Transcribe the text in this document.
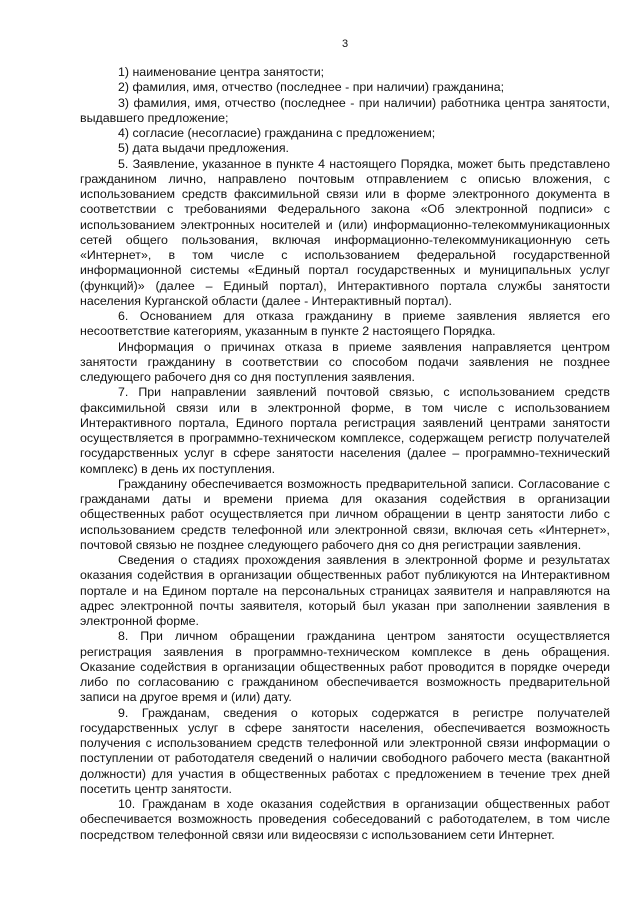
3

1) наименование центра занятости;

2) фамилия, имя, отчество (последнее - при наличии) гражданина;

3) фамилия, имя, отчество (последнее - при наличии) работника центра занятости, выдавшего предложение;

4) согласие (несогласие) гражданина с предложением;

5) дата выдачи предложения.

5. Заявление, указанное в пункте 4 настоящего Порядка, может быть представлено гражданином лично, направлено почтовым отправлением с описью вложения, с использованием средств факсимильной связи или в форме электронного документа в соответствии с требованиями Федерального закона «Об электронной подписи» с использованием электронных носителей и (или) информационно-телекоммуникационных сетей общего пользования, включая информационно-телекоммуникационную сеть «Интернет», в том числе с использованием федеральной государственной информационной системы «Единый портал государственных и муниципальных услуг (функций)» (далее – Единый портал), Интерактивного портала службы занятости населения Курганской области (далее - Интерактивный портал).

6. Основанием для отказа гражданину в приеме заявления является его несоответствие категориям, указанным в пункте 2 настоящего Порядка.

Информация о причинах отказа в приеме заявления направляется центром занятости гражданину в соответствии со способом подачи заявления не позднее следующего рабочего дня со дня поступления заявления.

7. При направлении заявлений почтовой связью, с использованием средств факсимильной связи или в электронной форме, в том числе с использованием Интерактивного портала, Единого портала регистрация заявлений центрами занятости осуществляется в программно-техническом комплексе, содержащем регистр получателей государственных услуг в сфере занятости населения (далее – программно-технический комплекс) в день их поступления.

Гражданину обеспечивается возможность предварительной записи. Согласование с гражданами даты и времени приема для оказания содействия в организации общественных работ осуществляется при личном обращении в центр занятости либо с использованием средств телефонной или электронной связи, включая сеть «Интернет», почтовой связью не позднее следующего рабочего дня со дня регистрации заявления.

Сведения о стадиях прохождения заявления в электронной форме и результатах оказания содействия в организации общественных работ публикуются на Интерактивном портале и на Едином портале на персональных страницах заявителя и направляются на адрес электронной почты заявителя, который был указан при заполнении заявления в электронной форме.

8. При личном обращении гражданина центром занятости осуществляется регистрация заявления в программно-техническом комплексе в день обращения. Оказание содействия в организации общественных работ проводится в порядке очереди либо по согласованию с гражданином обеспечивается возможность предварительной записи на другое время и (или) дату.

9. Гражданам, сведения о которых содержатся в регистре получателей государственных услуг в сфере занятости населения, обеспечивается возможность получения с использованием средств телефонной или электронной связи информации о поступлении от работодателя сведений о наличии свободного рабочего места (вакантной должности) для участия в общественных работах с предложением в течение трех дней посетить центр занятости.

10. Гражданам в ходе оказания содействия в организации общественных работ обеспечивается возможность проведения собеседований с работодателем, в том числе посредством телефонной связи или видеосвязи с использованием сети Интернет.
